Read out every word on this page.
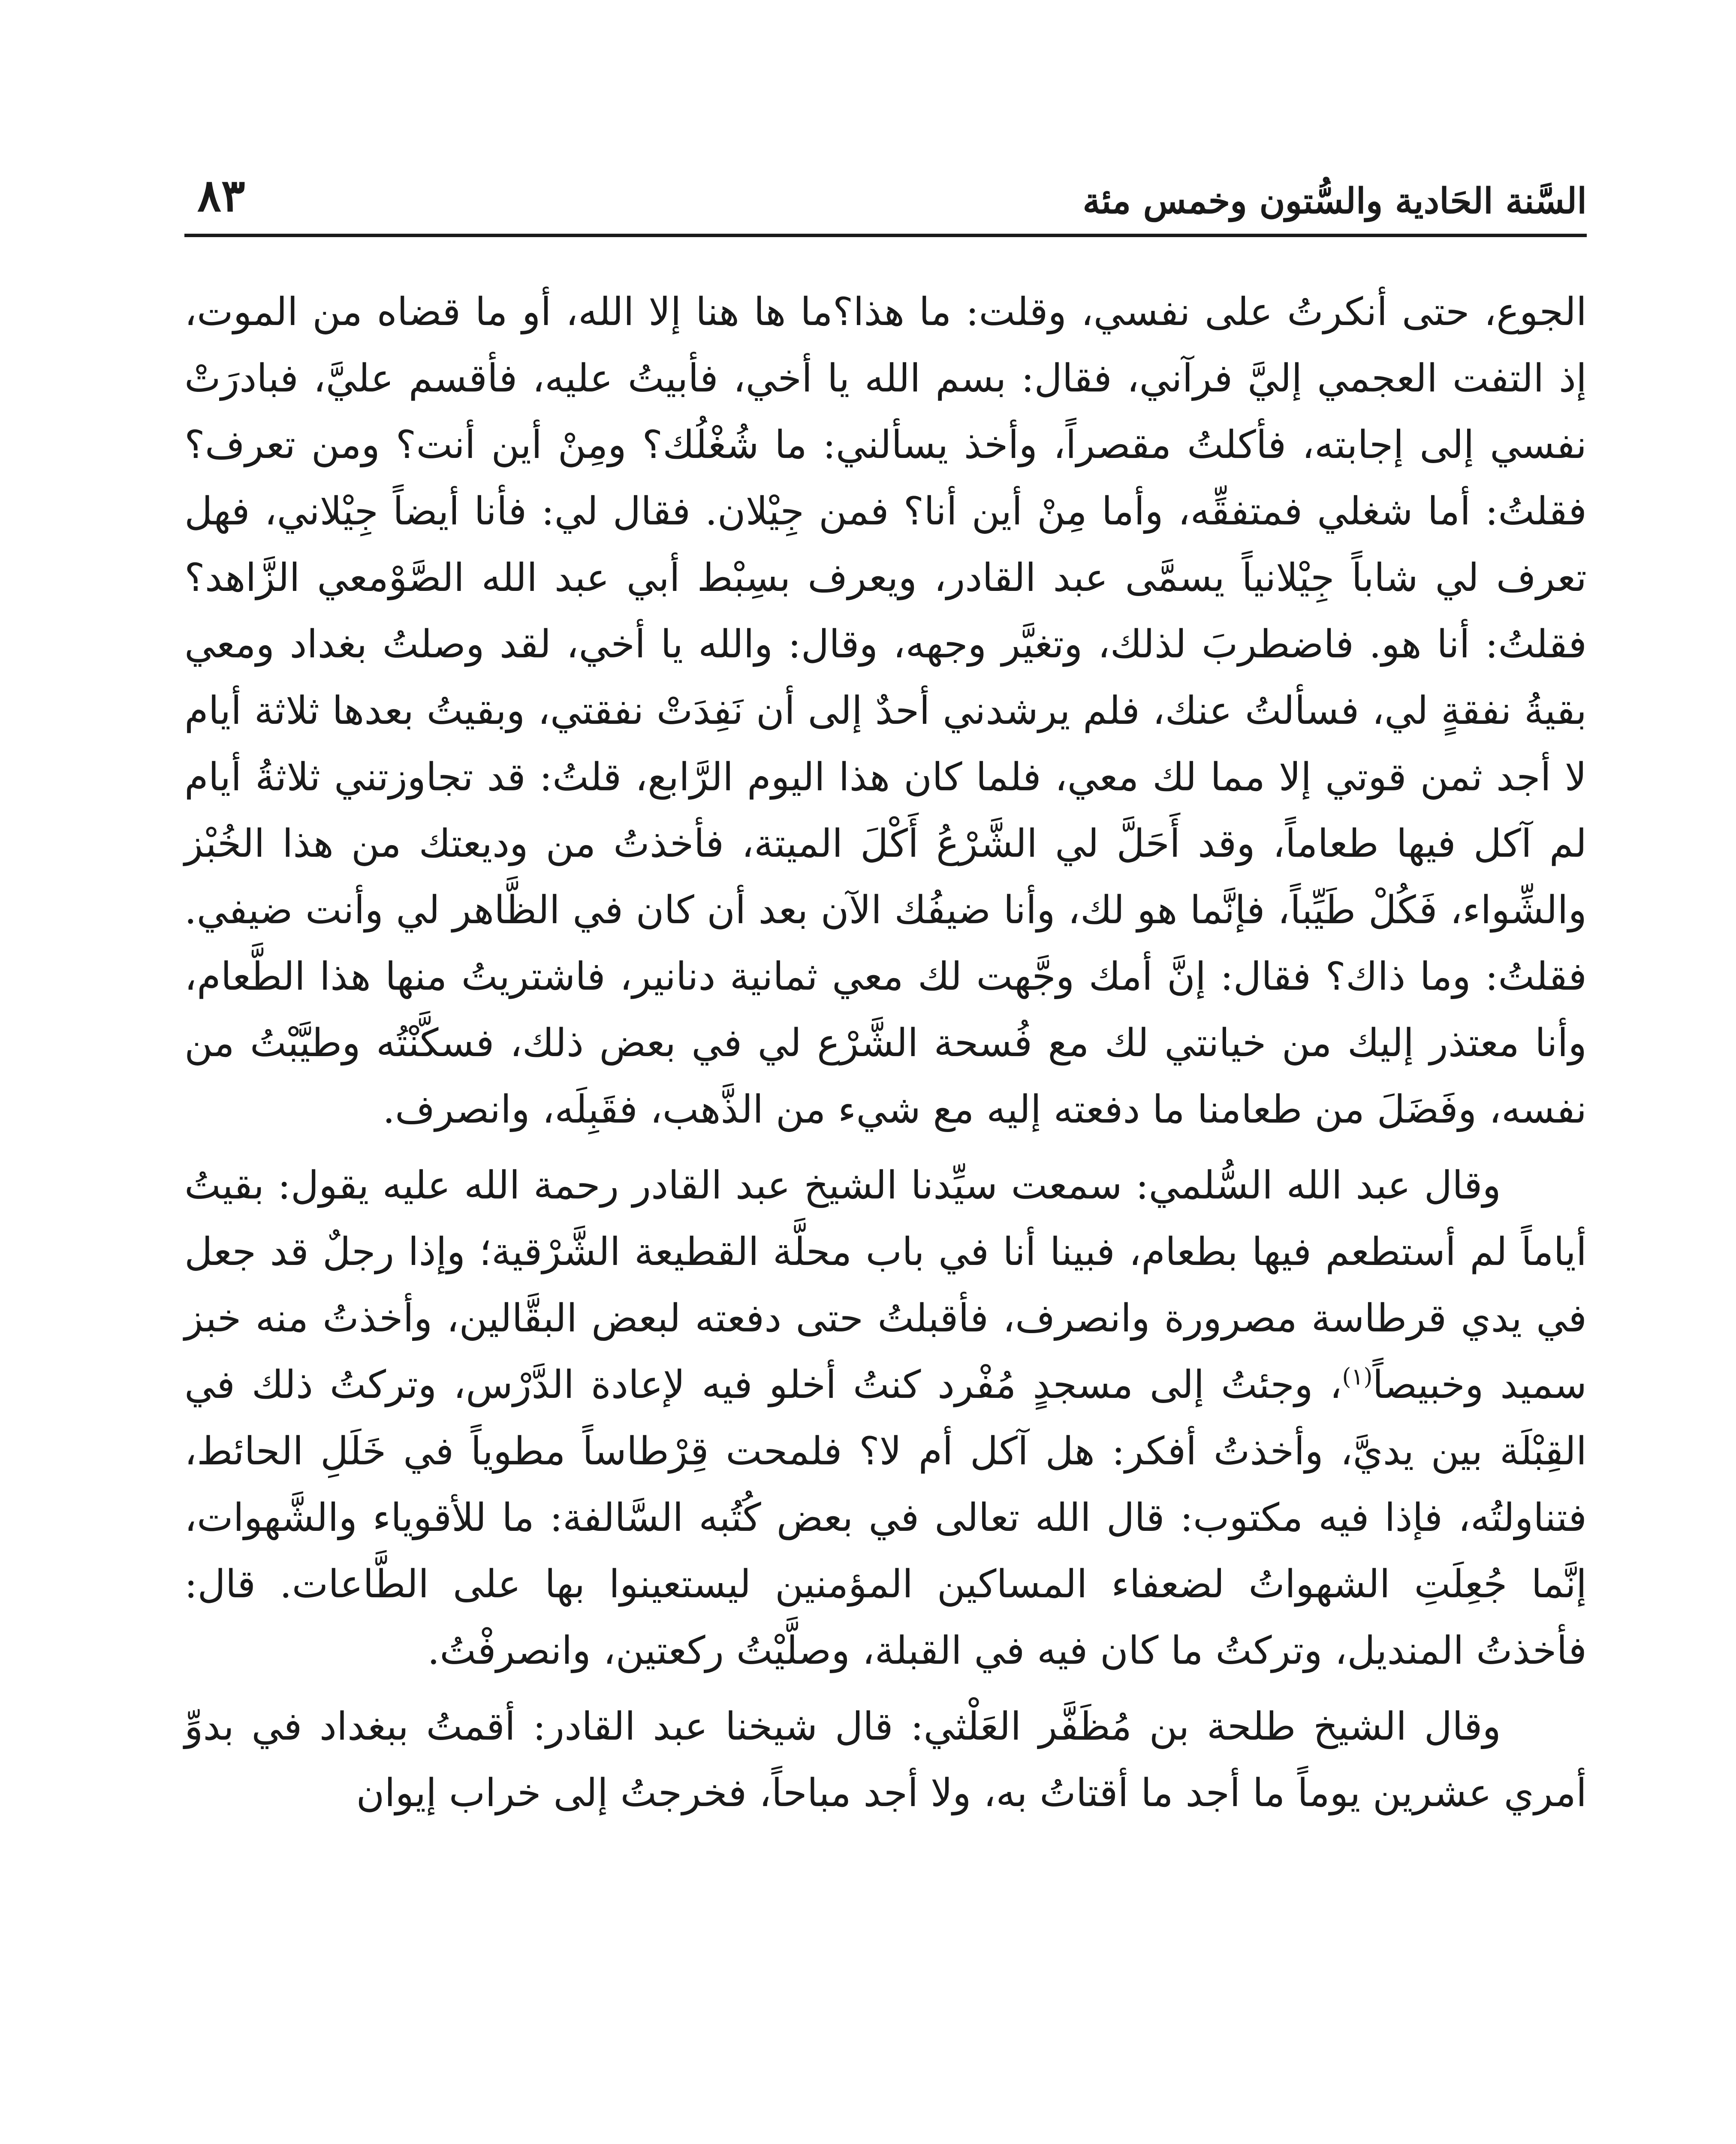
السَّنة الحَادية والسُّتون وخمس مئة
٨٣

الجوع، حتى أنكرتُ على نفسي، وقلت: ما هذا؟ما ها هنا إلا الله، أو ما قضاه من الموت، إذ التفت العجمي إليَّ فرآني، فقال: بسم الله يا أخي، فأبيتُ عليه، فأقسم عليَّ، فبادرَتْ نفسي إلى إجابته، فأكلتُ مقصراً، وأخذ يسألني: ما شُغْلُك؟ ومِنْ أين أنت؟ ومن تعرف؟ فقلتُ: أما شغلي فمتفقِّه، وأما مِنْ أين أنا؟ فمن جِيْلان. فقال لي: فأنا أيضاً جِيْلاني، فهل تعرف لي شاباً جِيْلانياً يسمَّى عبد القادر، ويعرف بسِبْط أبي عبد الله الصَّوْمعي الزَّاهد؟ فقلتُ: أنا هو. فاضطربَ لذلك، وتغيَّر وجهه، وقال: والله يا أخي، لقد وصلتُ بغداد ومعي بقيةُ نفقةٍ لي، فسألتُ عنك، فلم يرشدني أحدٌ إلى أن نَفِدَتْ نفقتي، وبقيتُ بعدها ثلاثة أيام لا أجد ثمن قوتي إلا مما لك معي، فلما كان هذا اليوم الرَّابع، قلتُ: قد تجاوزتني ثلاثةُ أيام لم آكل فيها طعاماً، وقد أَحَلَّ لي الشَّرْعُ أَكْلَ الميتة، فأخذتُ من وديعتك من هذا الخُبْز والشِّواء، فَكُلْ طَيِّباً، فإنَّما هو لك، وأنا ضيفُك الآن بعد أن كان في الظَّاهر لي وأنت ضيفي. فقلتُ: وما ذاك؟ فقال: إنَّ أمك وجَّهت لك معي ثمانية دنانير، فاشتريتُ منها هذا الطَّعام، وأنا معتذر إليك من خيانتي لك مع فُسحة الشَّرْع لي في بعض ذلك، فسكَّنْتُه وطيَّبْتُ من نفسه، وفَضَلَ من طعامنا ما دفعته إليه مع شيء من الذَّهب، فقَبِلَه، وانصرف.

وقال عبد الله السُّلمي: سمعت سيِّدنا الشيخ عبد القادر رحمة الله عليه يقول: بقيتُ أياماً لم أستطعم فيها بطعام، فبينا أنا في باب محلَّة القطيعة الشَّرْقية؛ وإذا رجلٌ قد جعل في يدي قرطاسة مصرورة وانصرف، فأقبلتُ حتى دفعته لبعض البقَّالين، وأخذتُ منه خبز سميد وخبيصاً$^{(١)}$، وجئتُ إلى مسجدٍ مُفْرد كنتُ أخلو فيه لإعادة الدَّرْس، وتركتُ ذلك في القِبْلَة بين يديَّ، وأخذتُ أفكر: هل آكل أم لا؟ فلمحت قِرْطاساً مطوياً في خَلَلِ الحائط، فتناولتُه، فإذا فيه مكتوب: قال الله تعالى في بعض كُتُبه السَّالفة: ما للأقوياء والشَّهوات، إنَّما جُعِلَتِ الشهواتُ لضعفاء المساكين المؤمنين ليستعينوا بها على الطَّاعات. قال: فأخذتُ المنديل، وتركتُ ما كان فيه في القبلة، وصلَّيْتُ ركعتين، وانصرفْتُ.

وقال الشيخ طلحة بن مُظَفَّر العَلْثي: قال شيخنا عبد القادر: أقمتُ ببغداد في بدوِّ أمري عشرين يوماً ما أجد ما أقتاتُ به، ولا أجد مباحاً، فخرجتُ إلى خراب إيوان
